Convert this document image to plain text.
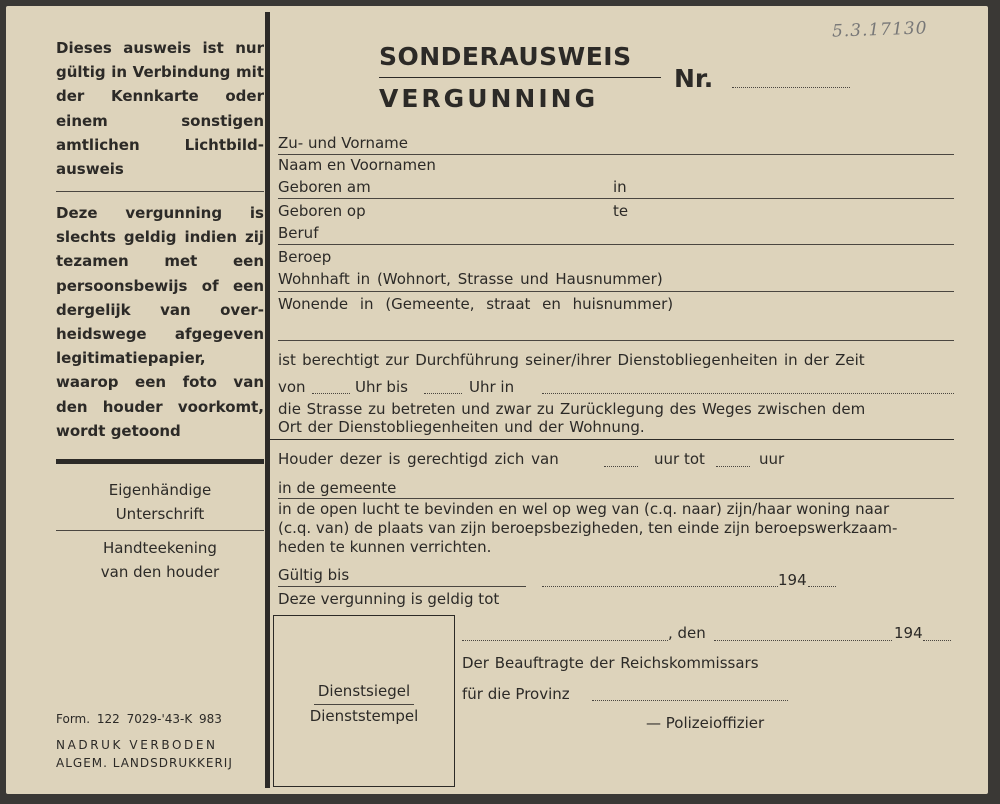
5.3.17130
Dieses ausweis ist nur gültig in Verbindung mit der Kennkarte oder einem sonstigen amtlichen Lichtbild-ausweis
Deze vergunning is slechts geldig indien zij tezamen met een persoonsbewijs of een dergelijk van over-heidswege afgegeven legitimatiepapier, waarop een foto van den houder voorkomt, wordt getoond
Eigenhändige
Unterschrift
Handteekening
van den houder
Form. 122 7029-'43-K 983
NADRUK VERBODEN
ALGEM. LANDSDRUKKERIJ
SONDERAUSWEIS
VERGUNNING
Nr.
Zu- und Vorname
Naam en Voornamen
Geboren am	in
Geboren op	te
Beruf
Beroep
Wohnhaft in (Wohnort, Strasse und Hausnummer)
Wonende in (Gemeente, straat en huisnummer)
ist berechtigt zur Durchführung seiner/ihrer Dienstobliegenheiten in der Zeit
von	Uhr bis	Uhr in
die Strasse zu betreten und zwar zu Zurücklegung des Weges zwischen dem
Ort der Dienstobliegenheiten und der Wohnung.
Houder dezer is gerechtigd zich van	uur tot	uur
in de gemeente
in de open lucht te bevinden en wel op weg van (c.q. naar) zijn/haar woning naar
(c.q. van) de plaats van zijn beroepsbezigheden, ten einde zijn beroepswerkzaam-
heden te kunnen verrichten.
Gültig bis	194
Deze vergunning is geldig tot
Dienstsiegel
Dienststempel
, den	194
Der Beauftragte der Reichskommissars
für die Provinz
— Polizeioffizier
